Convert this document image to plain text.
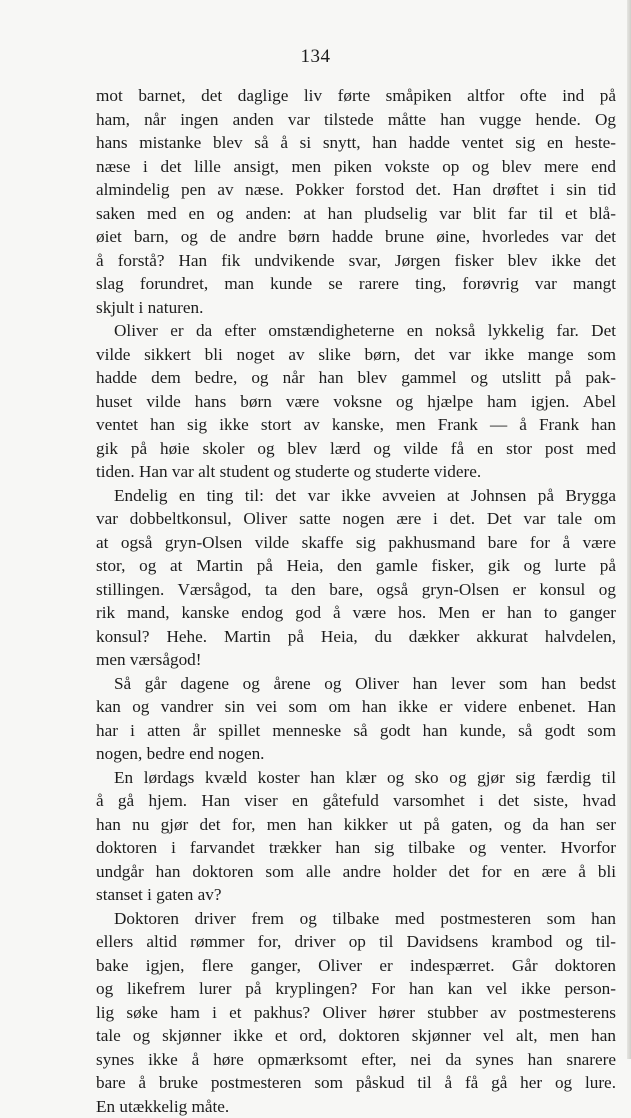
134
mot barnet, det daglige liv førte småpiken altfor ofte ind på
ham, når ingen anden var tilstede måtte han vugge hende. Og
hans mistanke blev så å si snytt, han hadde ventet sig en heste-
næse i det lille ansigt, men piken vokste op og blev mere end
almindelig pen av næse. Pokker forstod det. Han drøftet i sin tid
saken med en og anden: at han pludselig var blit far til et blå-
øiet barn, og de andre børn hadde brune øine, hvorledes var det
å forstå? Han fik undvikende svar, Jørgen fisker blev ikke det
slag forundret, man kunde se rarere ting, forøvrig var mangt
skjult i naturen.
Oliver er da efter omstændigheterne en nokså lykkelig far. Det
vilde sikkert bli noget av slike børn, det var ikke mange som
hadde dem bedre, og når han blev gammel og utslitt på pak-
huset vilde hans børn være voksne og hjælpe ham igjen. Abel
ventet han sig ikke stort av kanske, men Frank — å Frank han
gik på høie skoler og blev lærd og vilde få en stor post med
tiden. Han var alt student og studerte og studerte videre.
Endelig en ting til: det var ikke avveien at Johnsen på Brygga
var dobbeltkonsul, Oliver satte nogen ære i det. Det var tale om
at også gryn-Olsen vilde skaffe sig pakhusmand bare for å være
stor, og at Martin på Heia, den gamle fisker, gik og lurte på
stillingen. Værsågod, ta den bare, også gryn-Olsen er konsul og
rik mand, kanske endog god å være hos. Men er han to ganger
konsul? Hehe. Martin på Heia, du dækker akkurat halvdelen,
men værsågod!
Så går dagene og årene og Oliver han lever som han bedst
kan og vandrer sin vei som om han ikke er videre enbenet. Han
har i atten år spillet menneske så godt han kunde, så godt som
nogen, bedre end nogen.
En lørdags kvæld koster han klær og sko og gjør sig færdig til
å gå hjem. Han viser en gåtefuld varsomhet i det siste, hvad
han nu gjør det for, men han kikker ut på gaten, og da han ser
doktoren i farvandet trækker han sig tilbake og venter. Hvorfor
undgår han doktoren som alle andre holder det for en ære å bli
stanset i gaten av?
Doktoren driver frem og tilbake med postmesteren som han
ellers altid rømmer for, driver op til Davidsens krambod og til-
bake igjen, flere ganger, Oliver er indespærret. Går doktoren
og likefrem lurer på kryplingen? For han kan vel ikke person-
lig søke ham i et pakhus? Oliver hører stubber av postmesterens
tale og skjønner ikke et ord, doktoren skjønner vel alt, men han
synes ikke å høre opmærksomt efter, nei da synes han snarere
bare å bruke postmesteren som påskud til å få gå her og lure.
En utækkelig måte.
